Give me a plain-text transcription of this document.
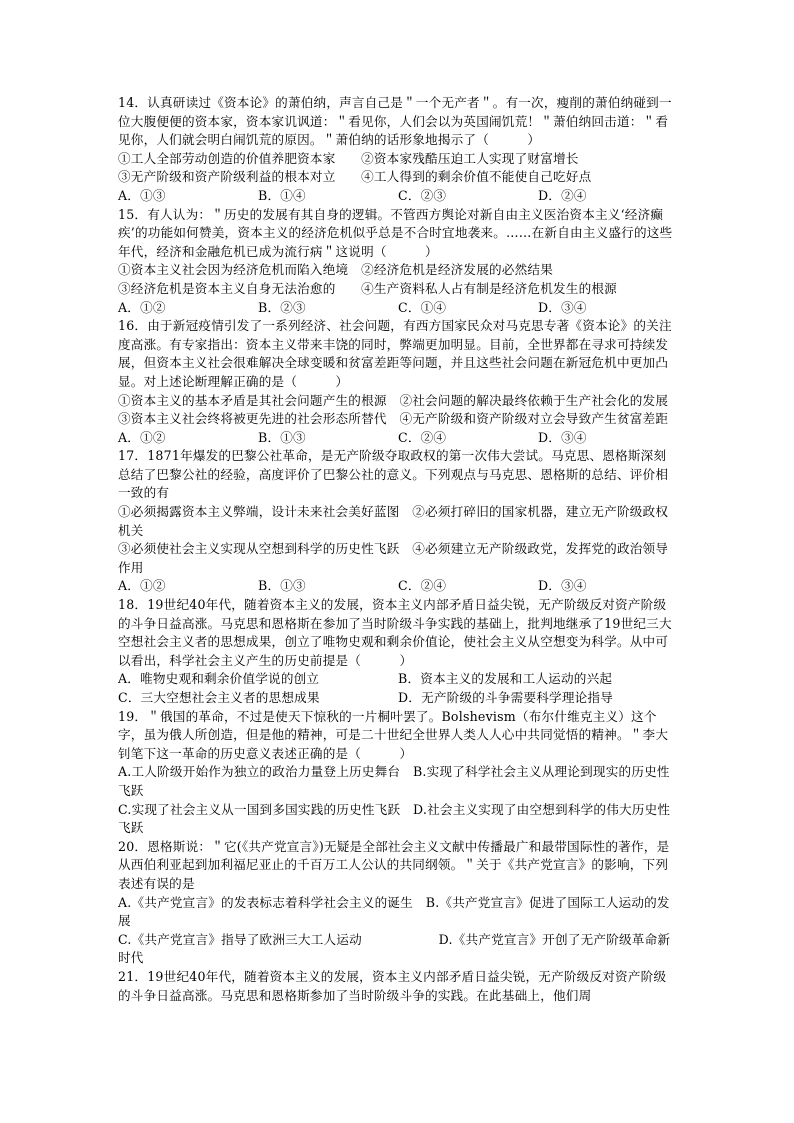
14．认真研读过《资本论》的萧伯纳，声言自己是＂一个无产者＂。有一次，瘦削的萧伯纳碰到一位大腹便便的资本家，资本家讥讽道：＂看见你，人们会以为英国闹饥荒！＂萧伯纳回击道：＂看见你，人们就会明白闹饥荒的原因。＂萧伯纳的话形象地揭示了（　　　）

①工人全部劳动创造的价值养肥资本家　　②资本家残酷压迫工人实现了财富增长

③无产阶级和资产阶级利益的根本对立　　④工人得到的剩余价值不能使自己吃好点

A．①③	B．①④	C．②③	D．②④

15．有人认为：＂历史的发展有其自身的逻辑。不管西方舆论对新自由主义医治资本主义‘经济癫疾’的功能如何赞美，资本主义的经济危机似乎总是不合时宜地袭来。……在新自由主义盛行的这些年代，经济和金融危机已成为流行病＂这说明（　　　）

①资本主义社会因为经济危机而陷入绝境　②经济危机是经济发展的必然结果

③经济危机是资本主义自身无法治愈的　　④生产资料私人占有制是经济危机发生的根源

A．①②	B．②③	C．①④	D．③④

16．由于新冠疫情引发了一系列经济、社会问题，有西方国家民众对马克思专著《资本论》的关注度高涨。有专家指出：资本主义带来丰饶的同时，弊端更加明显。目前，全世界都在寻求可持续发展，但资本主义社会很难解决全球变暖和贫富差距等问题，并且这些社会问题在新冠危机中更加凸显。对上述论断理解正确的是（　　　）

①资本主义的基本矛盾是其社会问题产生的根源　②社会问题的解决最终依赖于生产社会化的发展

③资本主义社会终将被更先进的社会形态所替代　④无产阶级和资产阶级对立会导致产生贫富差距

A．①②	B．①③	C．②④	D．③④

17．1871年爆发的巴黎公社革命，是无产阶级夺取政权的第一次伟大尝试。马克思、恩格斯深刻总结了巴黎公社的经验，高度评价了巴黎公社的意义。下列观点与马克思、恩格斯的总结、评价相一致的有

①必须揭露资本主义弊端，设计未来社会美好蓝图　②必须打碎旧的国家机器，建立无产阶级政权机关

③必须使社会主义实现从空想到科学的历史性飞跃　④必须建立无产阶级政党，发挥党的政治领导作用

A．①②	B．①③	C．②④	D．③④

18．19世纪40年代，随着资本主义的发展，资本主义内部矛盾日益尖锐，无产阶级反对资产阶级的斗争日益高涨。马克思和恩格斯在参加了当时阶级斗争实践的基础上，批判地继承了19世纪三大空想社会主义者的思想成果，创立了唯物史观和剩余价值论，使社会主义从空想变为科学。从中可以看出，科学社会主义产生的历史前提是（　　　）

A．唯物史观和剩余价值学说的创立	B．资本主义的发展和工人运动的兴起
C．三大空想社会主义者的思想成果	D．无产阶级的斗争需要科学理论指导

19．＂俄国的革命，不过是使天下惊秋的一片桐叶罢了。Bolshevism（布尔什维克主义）这个字，虽为俄人所创造，但是他的精神，可是二十世纪全世界人类人人心中共同觉悟的精神。＂李大钊笔下这一革命的历史意义表述正确的是（　　　）

A.工人阶级开始作为独立的政治力量登上历史舞台　B.实现了科学社会主义从理论到现实的历史性飞跃

C.实现了社会主义从一国到多国实践的历史性飞跃　D.社会主义实现了由空想到科学的伟大历史性飞跃

20．恩格斯说：＂它(《共产党宣言》)无疑是全部社会主义文献中传播最广和最带国际性的著作，是从西伯利亚起到加利福尼亚止的千百万工人公认的共同纲领。＂关于《共产党宣言》的影响，下列表述有误的是

A.《共产党宣言》的发表标志着科学社会主义的诞生　B.《共产党宣言》促进了国际工人运动的发展

C.《共产党宣言》指导了欧洲三大工人运动　　　　　　D.《共产党宣言》开创了无产阶级革命新时代

21．19世纪40年代，随着资本主义的发展，资本主义内部矛盾日益尖锐，无产阶级反对资产阶级的斗争日益高涨。马克思和恩格斯参加了当时阶级斗争的实践。在此基础上，他们周
